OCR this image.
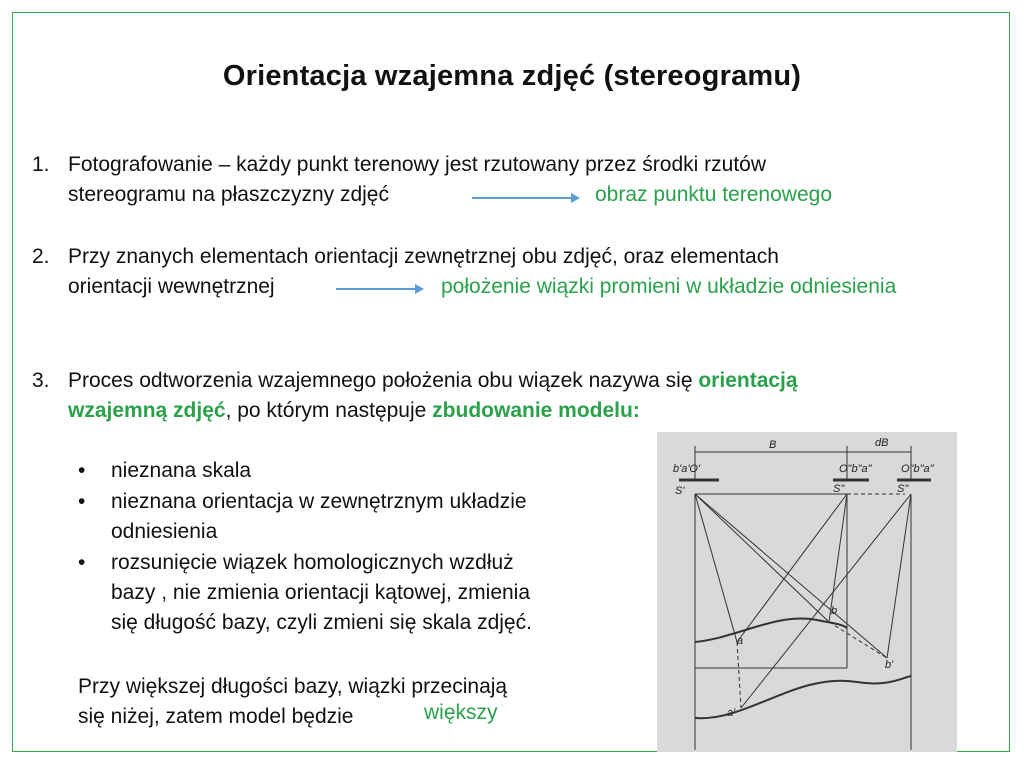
Orientacja wzajemna zdjęć (stereogramu)
1. Fotografowanie – każdy punkt terenowy jest rzutowany przez środki rzutów
stereogramu na płaszczyzny zdjęć	obraz punktu terenowego
2. Przy znanych elementach orientacji zewnętrznej obu zdjęć, oraz elementach
orientacji wewnętrznej	położenie wiązki promieni w układzie odniesienia
3. Proces odtworzenia wzajemnego położenia obu wiązek nazywa się orientacją
wzajemną zdjęć, po którym następuje zbudowanie modelu:
• nieznana skala
• nieznana orientacja w zewnętrznym układzie
odniesienia
• rozsunięcie wiązek homologicznych wzdłuż
bazy , nie zmienia orientacji kątowej, zmienia
się długość bazy, czyli zmieni się skala zdjęć.
Przy większej długości bazy, wiązki przecinają
się niżej, zatem model będzie	większy
B	dB
b'a'O'	O"b"a"	O"b"a"
S'	S"	S"
a
b
a'
b'
